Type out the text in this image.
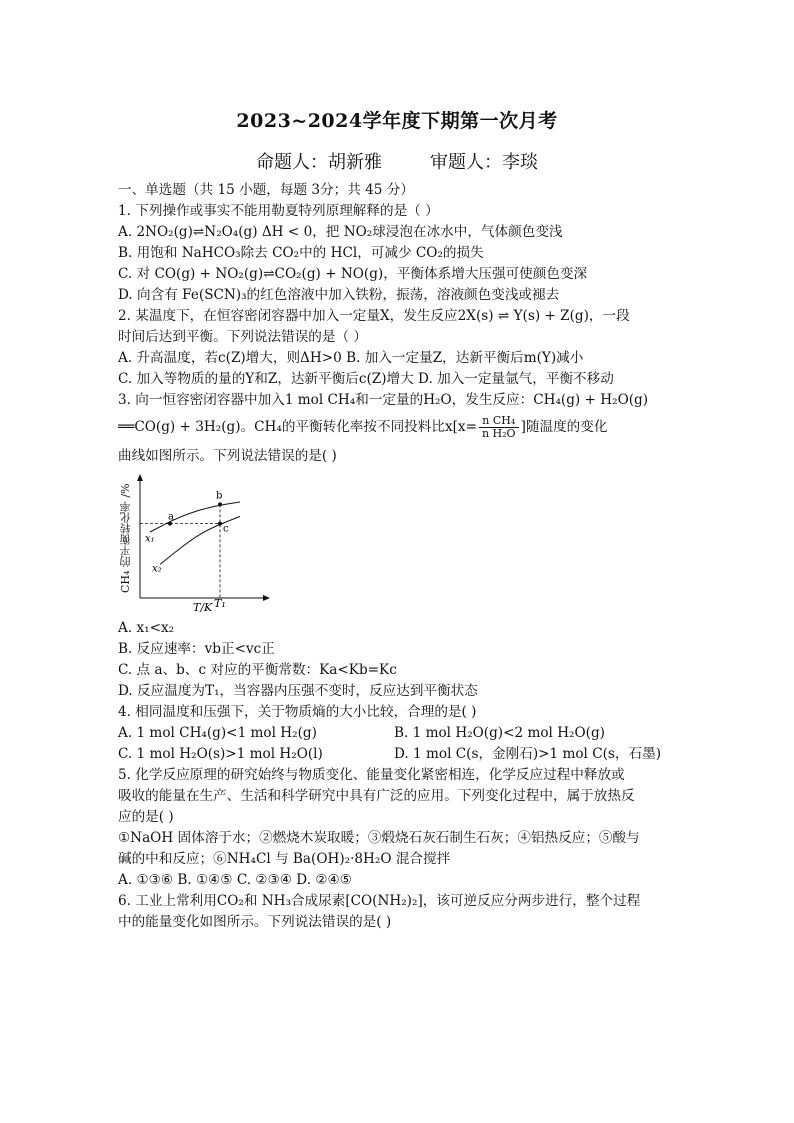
2023~2024学年度下期第一次月考
命题人：胡新雅	审题人：李琰
一、单选题（共 15 小题，每题 3分；共 45 分）
1. 下列操作或事实不能用勒夏特列原理解释的是（ ）
A. 2NO₂(g)⇌N₂O₄(g) ΔH < 0，把 NO₂球浸泡在冰水中，气体颜色变浅
B. 用饱和 NaHCO₃除去 CO₂中的 HCl，可减少 CO₂的损失
C. 对 CO(g) + NO₂(g)⇌CO₂(g) + NO(g)，平衡体系增大压强可使颜色变深
D. 向含有 Fe(SCN)₃的红色溶液中加入铁粉，振荡，溶液颜色变浅或褪去
2. 某温度下，在恒容密闭容器中加入一定量X，发生反应2X(s) ⇌ Y(s) + Z(g)，一段
时间后达到平衡。下列说法错误的是（ ）
A. 升高温度，若c(Z)增大，则ΔH>0 B. 加入一定量Z，达新平衡后m(Y)减小
C. 加入等物质的量的Y和Z，达新平衡后c(Z)增大 D. 加入一定量氩气，平衡不移动
3. 向一恒容密闭容器中加入1 mol CH₄和一定量的H₂O，发生反应：CH₄(g) + H₂O(g)
══CO(g) + 3H₂(g)。CH₄的平衡转化率按不同投料比$x[x= \frac{\text{n CH₄}}{\text{n H₂O}}$ ]随温度的变化
曲线如图所示。下列说法错误的是( )
CH₄ 的平衡转化率 /%	x₁
x₂
a
b
c
T/K T₁
A. x₁<x₂
B. 反应速率：vb正<vc正
C. 点 a、b、c 对应的平衡常数：Ka<Kb=Kc
D. 反应温度为T₁，当容器内压强不变时，反应达到平衡状态
4. 相同温度和压强下，关于物质熵的大小比较，合理的是( )
A. 1 mol CH₄(g)<1 mol H₂(g)	B. 1 mol H₂O(g)<2 mol H₂O(g)
C. 1 mol H₂O(s)>1 mol H₂O(l)	D. 1 mol C(s，金刚石)>1 mol C(s，石墨)
5. 化学反应原理的研究始终与物质变化、能量变化紧密相连，化学反应过程中释放或
吸收的能量在生产、生活和科学研究中具有广泛的应用。下列变化过程中，属于放热反
应的是( )
①NaOH 固体溶于水；②燃烧木炭取暖；③煅烧石灰石制生石灰；④铝热反应；⑤酸与
碱的中和反应；⑥NH₄Cl 与 Ba(OH)₂·8H₂O 混合搅拌
A. ①③⑥ B. ①④⑤ C. ②③④ D. ②④⑤
6. 工业上常利用CO₂和 NH₃合成尿素[CO(NH₂)₂]，该可逆反应分两步进行，整个过程
中的能量变化如图所示。下列说法错误的是( )
